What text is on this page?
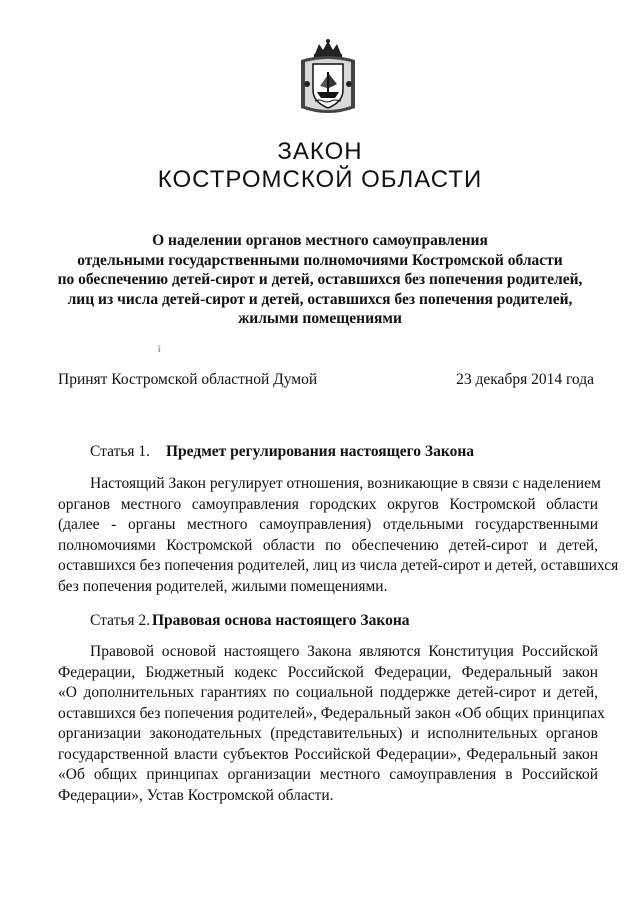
ЗАКОН
КОСТРОМСКОЙ ОБЛАСТИ
О наделении органов местного самоуправления
отдельными государственными полномочиями Костромской области
по обеспечению детей-сирот и детей, оставшихся без попечения родителей,
лиц из числа детей-сирот и детей, оставшихся без попечения родителей,
жилыми помещениями
ϊ
Принят Костромской областной Думой	23 декабря 2014 года
Статья 1. Предмет регулирования настоящего Закона
Настоящий Закон регулирует отношения, возникающие в связи с наделением
органов местного самоуправления городских округов Костромской области
(далее - органы местного самоуправления) отдельными государственными
полномочиями Костромской области по обеспечению детей-сирот и детей,
оставшихся без попечения родителей, лиц из числа детей-сирот и детей, оставшихся
без попечения родителей, жилыми помещениями.
Статья 2. Правовая основа настоящего Закона
Правовой основой настоящего Закона являются Конституция Российской
Федерации, Бюджетный кодекс Российской Федерации, Федеральный закон
«О дополнительных гарантиях по социальной поддержке детей-сирот и детей,
оставшихся без попечения родителей», Федеральный закон «Об общих принципах
организации законодательных (представительных) и исполнительных органов
государственной власти субъектов Российской Федерации», Федеральный закон
«Об общих принципах организации местного самоуправления в Российской
Федерации», Устав Костромской области.
